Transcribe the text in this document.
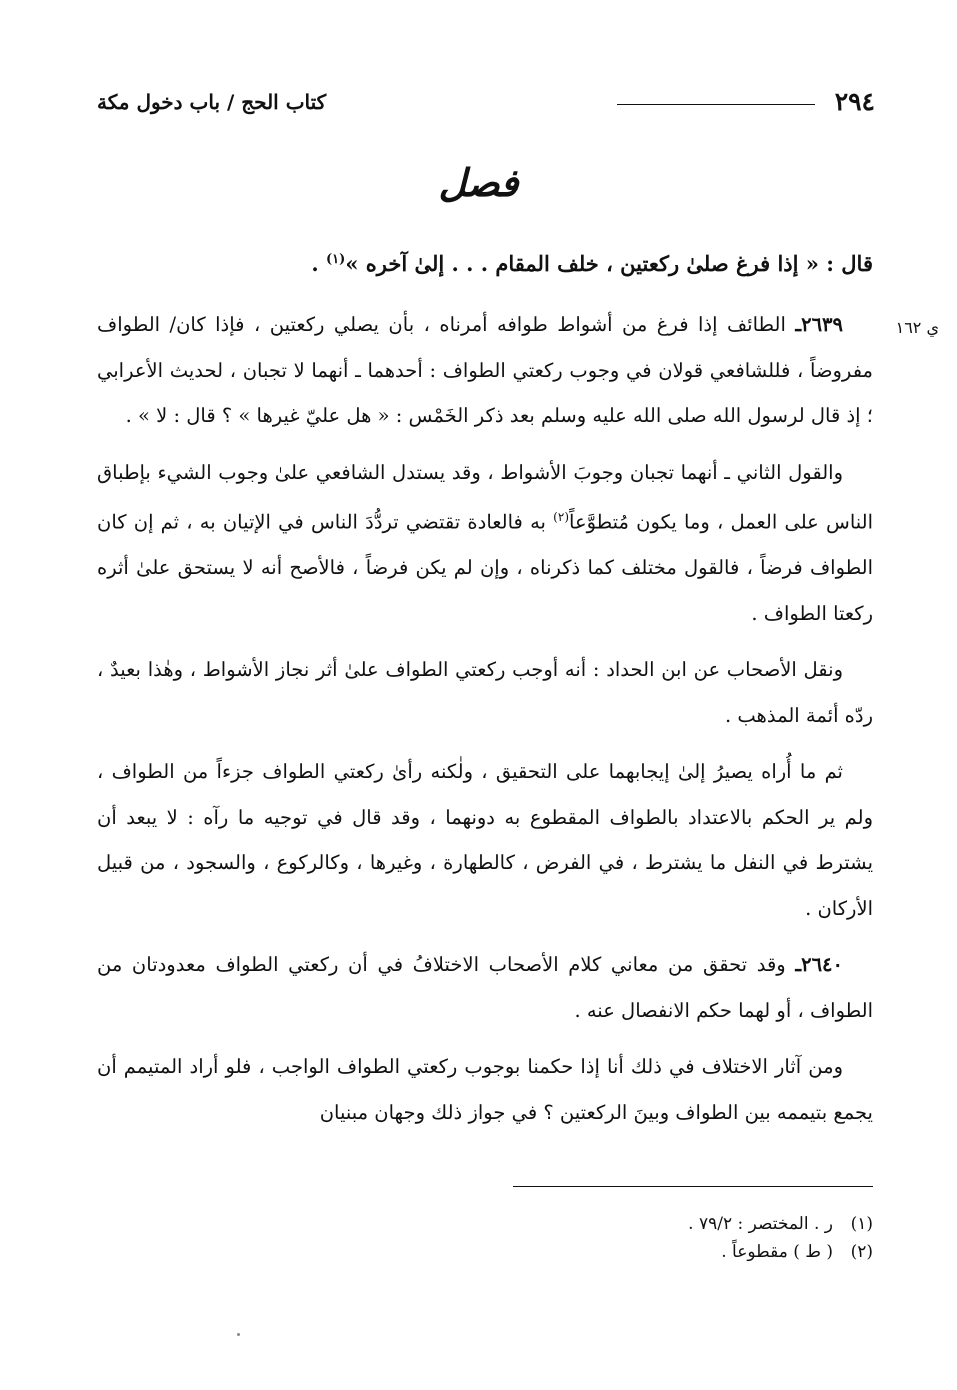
٢٩٤
كتاب الحج / باب دخول مكة
فصل
قال : « إذا فرغ صلىٰ ركعتين ، خلف المقام . . . إلىٰ آخره »$^{(١)}$ .
ي ١٦٢

٢٦٣٩ـ الطائف إذا فرغ من أشواط طوافه أمرناه ، بأن يصلي ركعتين ، فإذا كان/ الطواف مفروضاً ، فللشافعي قولان في وجوب ركعتي الطواف : أحدهما ـ أنهما لا تجبان ، لحديث الأعرابي ؛ إذ قال لرسول الله صلى الله عليه وسلم بعد ذكر الخَمْس : « هل عليّ غيرها » ؟ قال : لا » .

والقول الثاني ـ أنهما تجبان وجوبَ الأشواط ، وقد يستدل الشافعي علىٰ وجوب الشيء بإطباق الناس على العمل ، وما يكون مُتطوَّعاً$^{(٢)}$ به فالعادة تقتضي تردُّدَ الناس في الإتيان به ، ثم إن كان الطواف فرضاً ، فالقول مختلف كما ذكرناه ، وإن لم يكن فرضاً ، فالأصح أنه لا يستحق علىٰ أثره ركعتا الطواف .

ونقل الأصحاب عن ابن الحداد : أنه أوجب ركعتي الطواف علىٰ أثر نجاز الأشواط ، وهٰذا بعيدٌ ، ردّه أئمة المذهب .

ثم ما أُراه يصيرُ إلىٰ إيجابهما على التحقيق ، ولٰكنه رأىٰ ركعتي الطواف جزءاً من الطواف ، ولم ير الحكم بالاعتداد بالطواف المقطوع به دونهما ، وقد قال في توجيه ما رآه : لا يبعد أن يشترط في النفل ما يشترط ، في الفرض ، كالطهارة ، وغيرها ، وكالركوع ، والسجود ، من قبيل الأركان .

٢٦٤٠ـ وقد تحقق من معاني كلام الأصحاب الاختلافُ في أن ركعتي الطواف معدودتان من الطواف ، أو لهما حكم الانفصال عنه .

ومن آثار الاختلاف في ذلك أنا إذا حكمنا بوجوب ركعتي الطواف الواجب ، فلو أراد المتيمم أن يجمع بتيممه بين الطواف وبينَ الركعتين ؟ في جواز ذلك وجهان مبنيان

(١)ر . المختصر : ٧٩/٢ .
(٢)( ط ) مقطوعاً .
